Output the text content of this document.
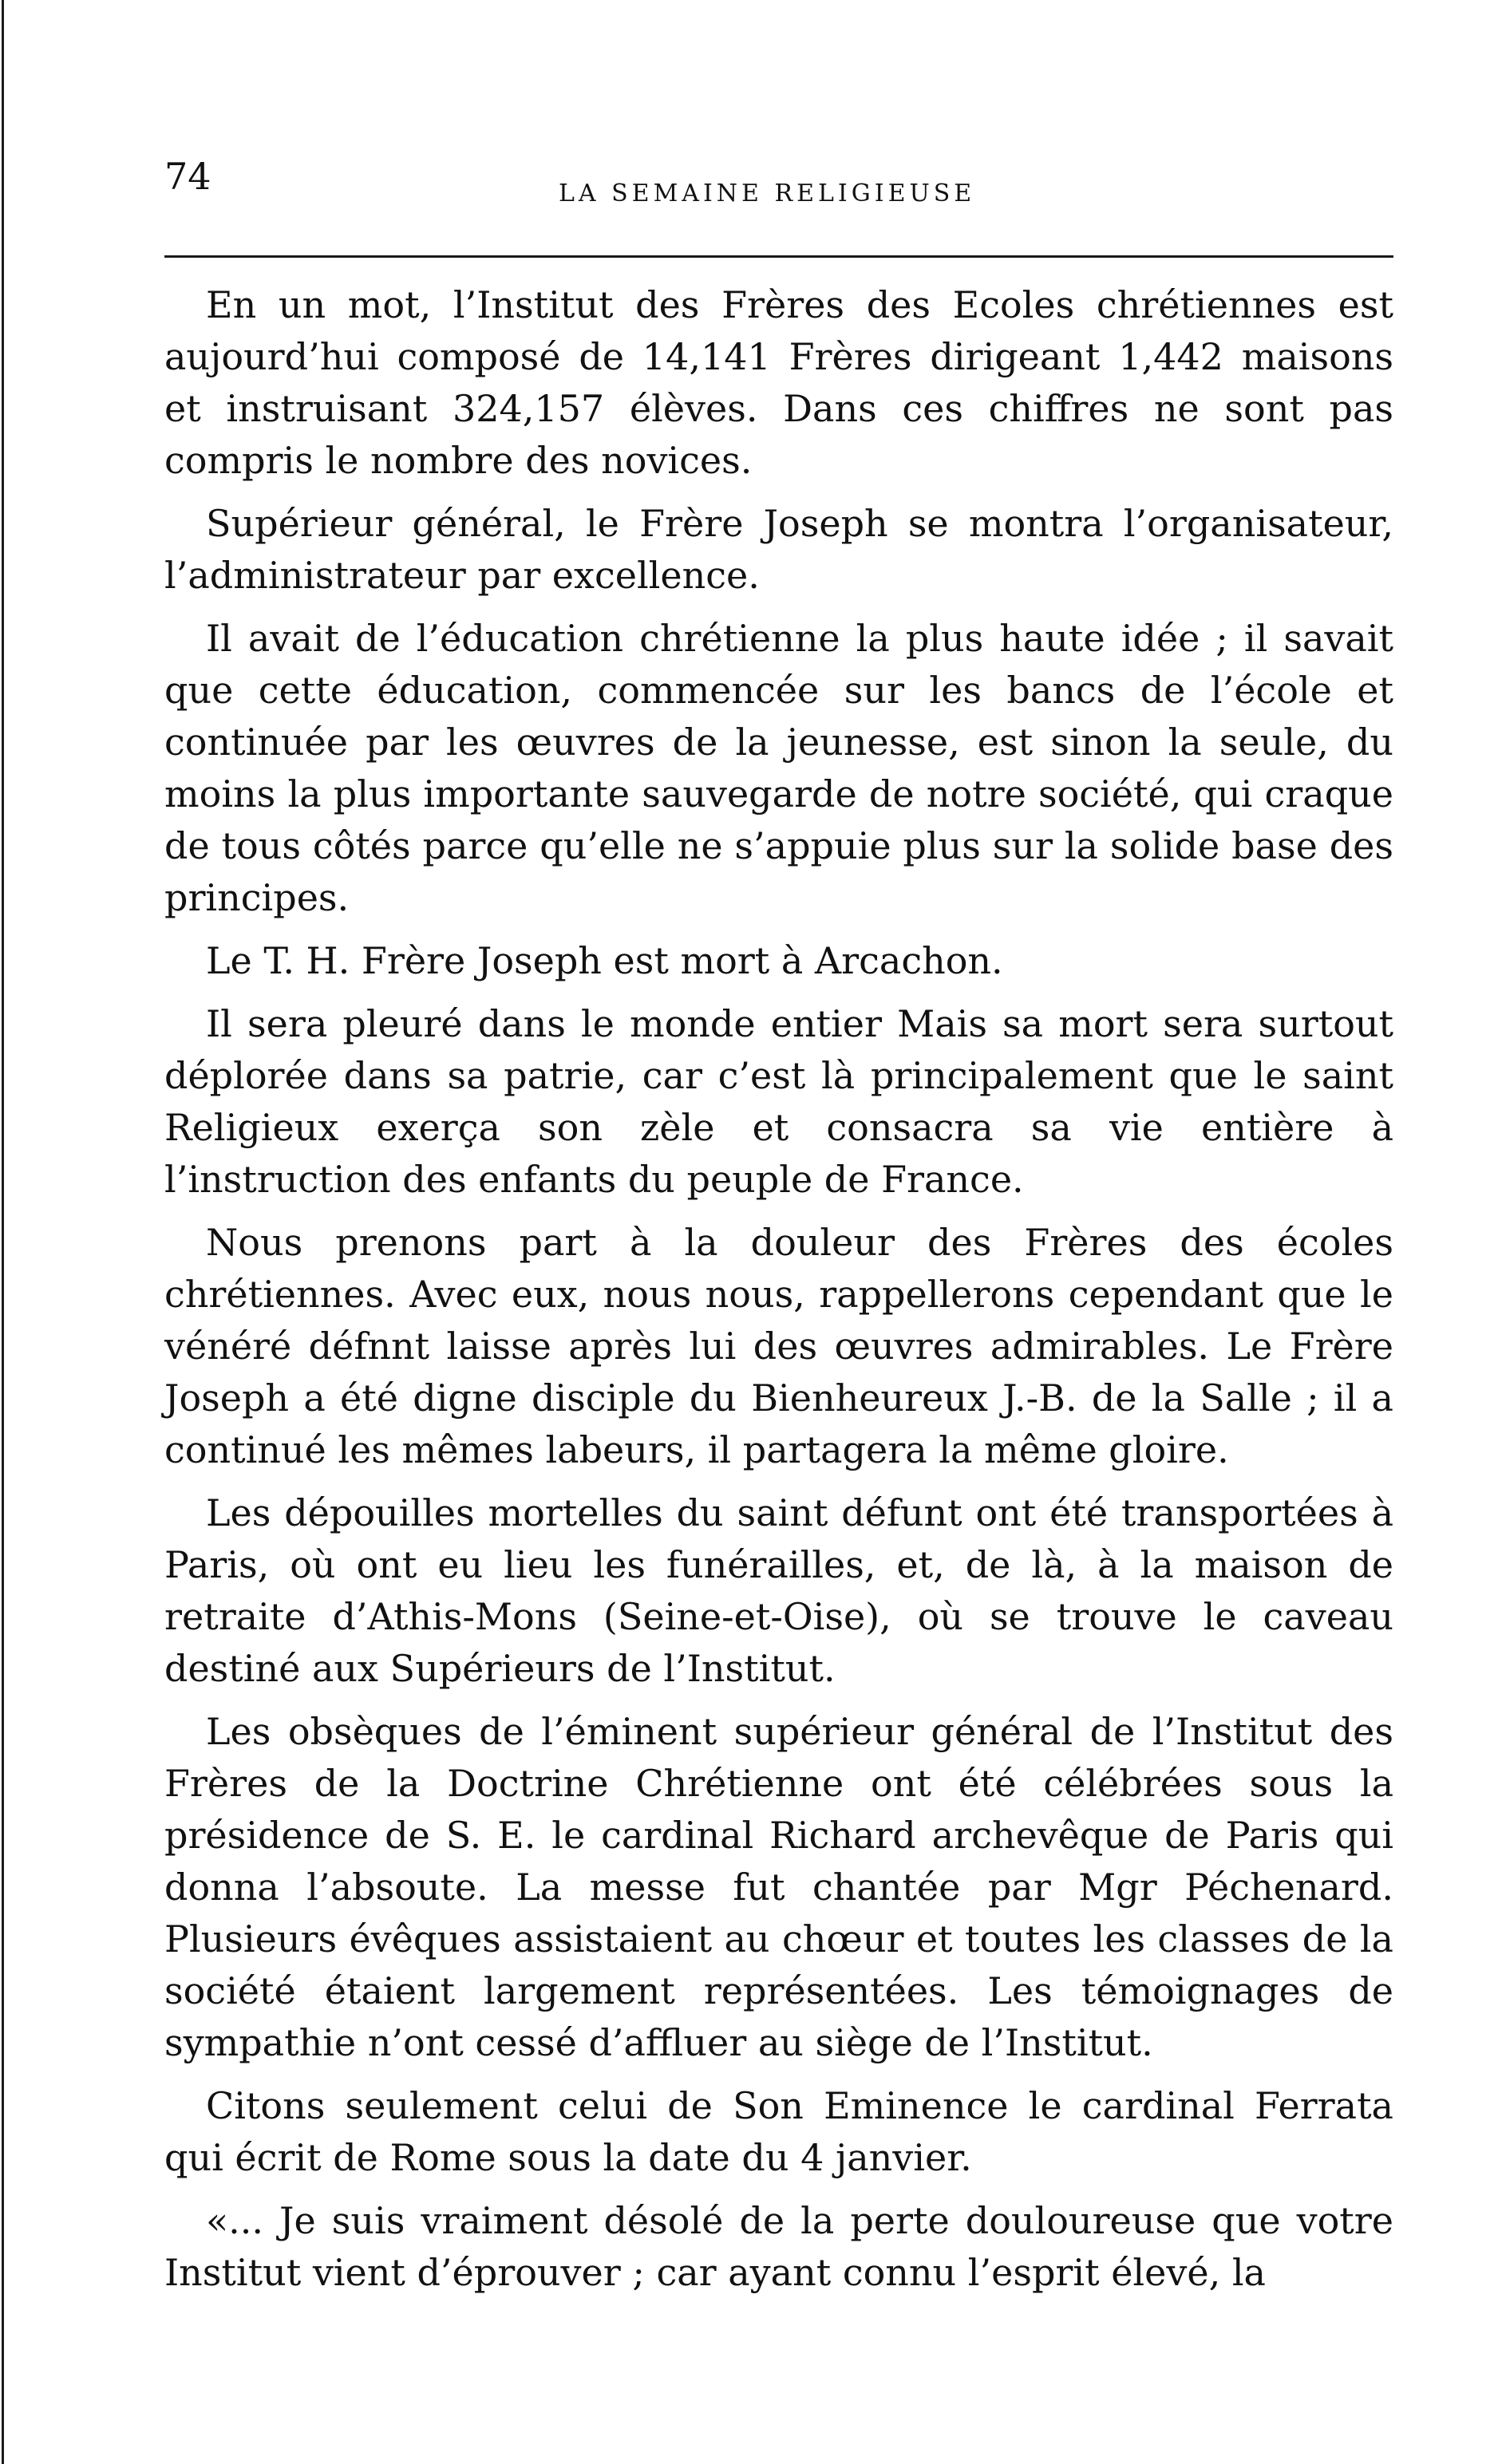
74	LA SEMAINE RELIGIEUSE

En un mot, l’Institut des Frères des Ecoles chrétiennes est aujourd’hui composé de 14,141 Frères dirigeant 1,442 maisons et instruisant 324,157 élèves. Dans ces chiffres ne sont pas compris le nombre des novices.

Supérieur général, le Frère Joseph se montra l’organisateur, l’administrateur par excellence.

Il avait de l’éducation chrétienne la plus haute idée ; il savait que cette éducation, commencée sur les bancs de l’école et continuée par les œuvres de la jeunesse, est sinon la seule, du moins la plus importante sauvegarde de notre société, qui craque de tous côtés parce qu’elle ne s’appuie plus sur la solide base des principes.

Le T. H. Frère Joseph est mort à Arcachon.

Il sera pleuré dans le monde entier Mais sa mort sera surtout déplorée dans sa patrie, car c’est là principalement que le saint Religieux exerça son zèle et consacra sa vie entière à l’instruction des enfants du peuple de France.

Nous prenons part à la douleur des Frères des écoles chrétiennes. Avec eux, nous nous, rappellerons cependant que le vénéré défnnt laisse après lui des œuvres admirables. Le Frère Joseph a été digne disciple du Bienheureux J.-B. de la Salle ; il a continué les mêmes labeurs, il partagera la même gloire.

Les dépouilles mortelles du saint défunt ont été transportées à Paris, où ont eu lieu les funérailles, et, de là, à la maison de retraite d’Athis-Mons (Seine-et-Oise), où se trouve le caveau destiné aux Supérieurs de l’Institut.

Les obsèques de l’éminent supérieur général de l’Institut des Frères de la Doctrine Chrétienne ont été célébrées sous la présidence de S. E. le cardinal Richard archevêque de Paris qui donna l’absoute. La messe fut chantée par Mgr Péchenard. Plusieurs évêques assistaient au chœur et toutes les classes de la société étaient largement représentées. Les témoignages de sympathie n’ont cessé d’affluer au siège de l’Institut.

Citons seulement celui de Son Eminence le cardinal Ferrata qui écrit de Rome sous la date du 4 janvier.

«... Je suis vraiment désolé de la perte douloureuse que votre Institut vient d’éprouver ; car ayant connu l’esprit élevé, la
